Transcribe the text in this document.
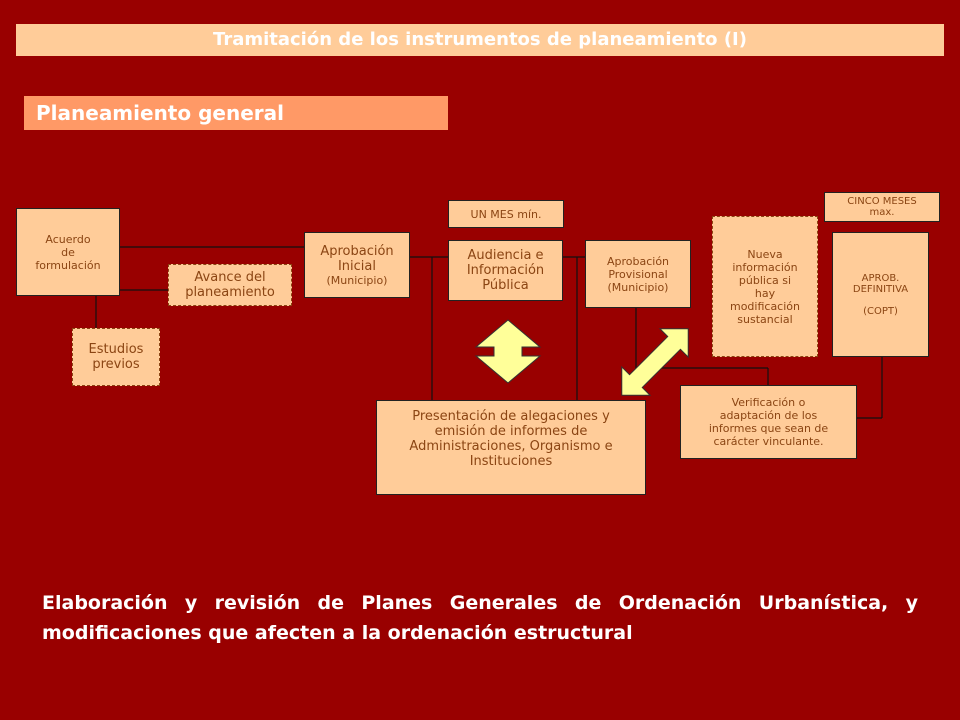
Tramitación de los instrumentos de planeamiento (I)
Planeamiento general
Acuerdo
de
formulación
Avance del
planeamiento
Estudios
previos
Aprobación
Inicial
(Municipio)
UN MES mín.
Audiencia e
Información
Pública
Aprobación
Provisional
(Municipio)
Nueva
información
pública si
hay
modificación
sustancial
CINCO MESES
max.
APROB.
DEFINITIVA

(COPT)
Presentación de alegaciones y
emisión de informes de
Administraciones, Organismo e
Instituciones
Verificación o
adaptación de los
informes que sean de
carácter vinculante.
Elaboración y revisión de Planes Generales de Ordenación Urbanística, y modificaciones que afecten a la ordenación estructural
